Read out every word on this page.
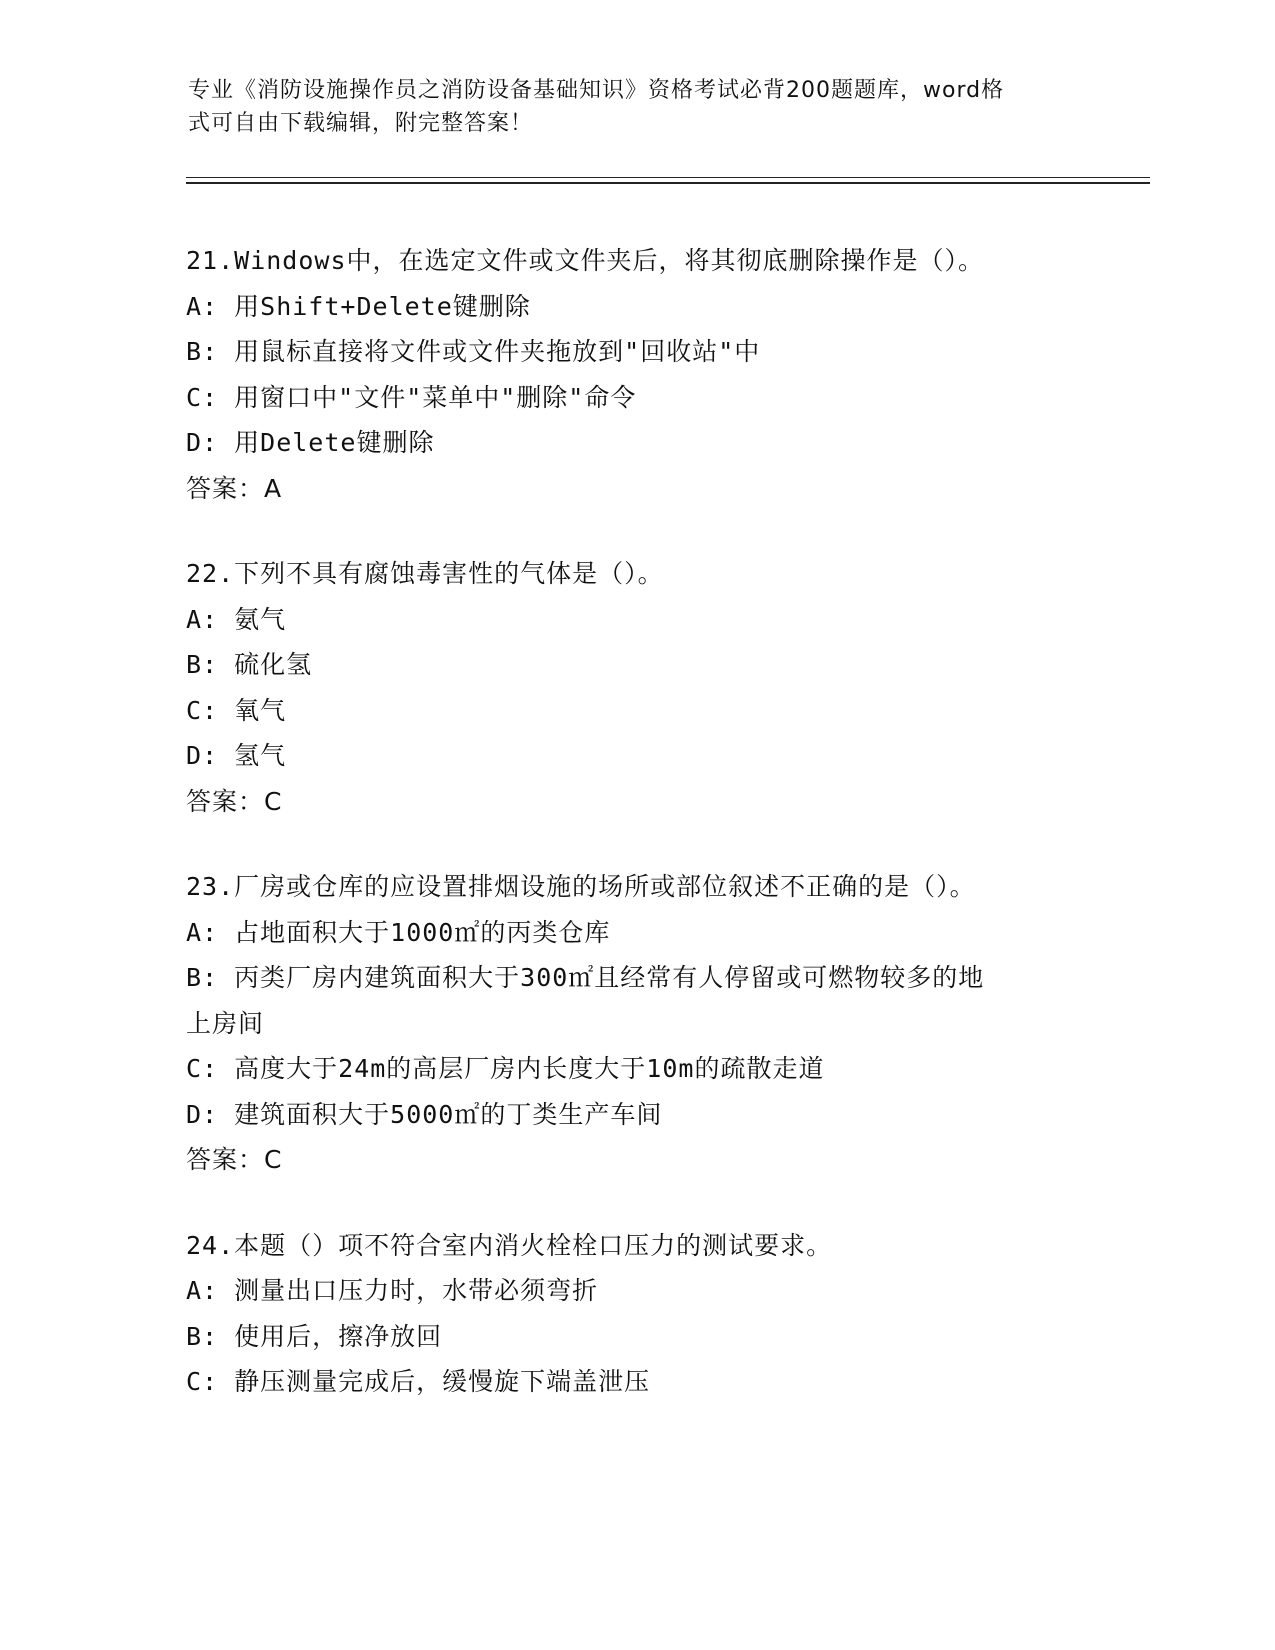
专业《消防设施操作员之消防设备基础知识》资格考试必背200题题库，word格
式可自由下载编辑，附完整答案！
21.Windows中，在选定文件或文件夹后，将其彻底删除操作是（）。
A: 用Shift+Delete键删除
B: 用鼠标直接将文件或文件夹拖放到"回收站"中
C: 用窗口中"文件"菜单中"删除"命令
D: 用Delete键删除
答案：A
22.下列不具有腐蚀毒害性的气体是（）。
A: 氨气
B: 硫化氢
C: 氧气
D: 氢气
答案：C
23.厂房或仓库的应设置排烟设施的场所或部位叙述不正确的是（）。
A: 占地面积大于1000㎡的丙类仓库
B: 丙类厂房内建筑面积大于300㎡且经常有人停留或可燃物较多的地
上房间
C: 高度大于24m的高层厂房内长度大于10m的疏散走道
D: 建筑面积大于5000㎡的丁类生产车间
答案：C
24.本题（）项不符合室内消火栓栓口压力的测试要求。
A: 测量出口压力时，水带必须弯折
B: 使用后，擦净放回
C: 静压测量完成后，缓慢旋下端盖泄压
